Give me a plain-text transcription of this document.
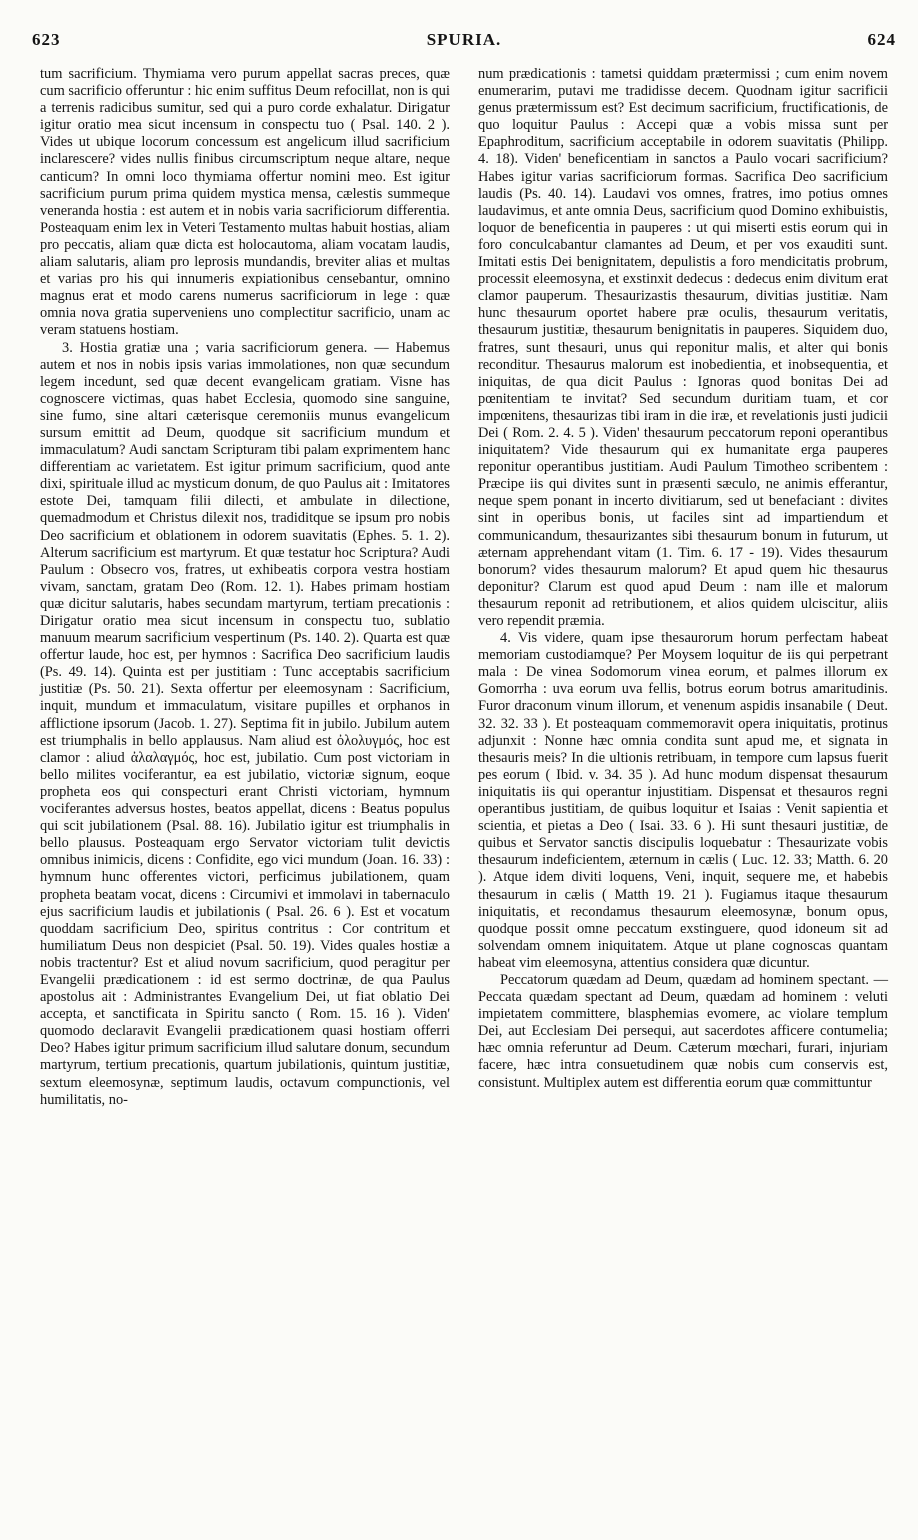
623	SPURIA.	624

tum sacrificium. Thymiama vero purum appellat sacras preces, quæ cum sacrificio offeruntur : hic enim suffitus Deum refocillat, non is qui a terrenis radicibus sumitur, sed qui a puro corde exhalatur. Dirigatur igitur oratio mea sicut incensum in conspectu tuo ( Psal. 140. 2 ). Vides ut ubique locorum concessum est angelicum illud sacrificium inclarescere? vides nullis finibus circumscriptum neque altare, neque canticum? In omni loco thymiama offertur nomini meo. Est igitur sacrificium purum prima quidem mystica mensa, cælestis summeque veneranda hostia : est autem et in nobis varia sacrificiorum differentia. Posteaquam enim lex in Veteri Testamento multas habuit hostias, aliam pro peccatis, aliam quæ dicta est holocautoma, aliam vocatam laudis, aliam salutaris, aliam pro leprosis mundandis, breviter alias et multas et varias pro his qui innumeris expiationibus censebantur, omnino magnus erat et modo carens numerus sacrificiorum in lege : quæ omnia nova gratia superveniens uno complectitur sacrificio, unam ac veram statuens hostiam.

3. Hostia gratiæ una ; varia sacrificiorum genera. — Habemus autem et nos in nobis ipsis varias immolationes, non quæ secundum legem incedunt, sed quæ decent evangelicam gratiam. Visne has cognoscere victimas, quas habet Ecclesia, quomodo sine sanguine, sine fumo, sine altari cæterisque ceremoniis munus evangelicum sursum emittit ad Deum, quodque sit sacrificium mundum et immaculatum? Audi sanctam Scripturam tibi palam exprimentem hanc differentiam ac varietatem. Est igitur primum sacrificium, quod ante dixi, spirituale illud ac mysticum donum, de quo Paulus ait : Imitatores estote Dei, tamquam filii dilecti, et ambulate in dilectione, quemadmodum et Christus dilexit nos, tradiditque se ipsum pro nobis Deo sacrificium et oblationem in odorem suavitatis (Ephes. 5. 1. 2). Alterum sacrificium est martyrum. Et quæ testatur hoc Scriptura? Audi Paulum : Obsecro vos, fratres, ut exhibeatis corpora vestra hostiam vivam, sanctam, gratam Deo (Rom. 12. 1). Habes primam hostiam quæ dicitur salutaris, habes secundam martyrum, tertiam precationis : Dirigatur oratio mea sicut incensum in conspectu tuo, sublatio manuum mearum sacrificium vespertinum (Ps. 140. 2). Quarta est quæ offertur laude, hoc est, per hymnos : Sacrifica Deo sacrificium laudis (Ps. 49. 14). Quinta est per justitiam : Tunc acceptabis sacrificium justitiæ (Ps. 50. 21). Sexta offertur per eleemosynam : Sacrificium, inquit, mundum et immaculatum, visitare pupilles et orphanos in afflictione ipsorum (Jacob. 1. 27). Septima fit in jubilo. Jubilum autem est triumphalis in bello applausus. Nam aliud est ὀλολυγμός, hoc est clamor : aliud ἀλαλαγμός, hoc est, jubilatio. Cum post victoriam in bello milites vociferantur, ea est jubilatio, victoriæ signum, eoque propheta eos qui conspecturi erant Christi victoriam, hymnum vociferantes adversus hostes, beatos appellat, dicens : Beatus populus qui scit jubilationem (Psal. 88. 16). Jubilatio igitur est triumphalis in bello plausus. Posteaquam ergo Servator victoriam tulit devictis omnibus inimicis, dicens : Confidite, ego vici mundum (Joan. 16. 33) : hymnum hunc offerentes victori, perficimus jubilationem, quam propheta beatam vocat, dicens : Circumivi et immolavi in tabernaculo ejus sacrificium laudis et jubilationis ( Psal. 26. 6 ). Est et vocatum quoddam sacrificium Deo, spiritus contritus : Cor contritum et humiliatum Deus non despiciet (Psal. 50. 19). Vides quales hostiæ a nobis tractentur? Est et aliud novum sacrificium, quod peragitur per Evangelii prædicationem : id est sermo doctrinæ, de qua Paulus apostolus ait : Administrantes Evangelium Dei, ut fiat oblatio Dei accepta, et sanctificata in Spiritu sancto ( Rom. 15. 16 ). Viden' quomodo declaravit Evangelii prædicationem quasi hostiam offerri Deo? Habes igitur primum sacrificium illud salutare donum, secundum martyrum, tertium precationis, quartum jubilationis, quintum justitiæ, sextum eleemosynæ, septimum laudis, octavum compunctionis, vel humilitatis, no-

num prædicationis : tametsi quiddam prætermissi ; cum enim novem enumerarim, putavi me tradidisse decem. Quodnam igitur sacrificii genus prætermissum est? Est decimum sacrificium, fructificationis, de quo loquitur Paulus : Accepi quæ a vobis missa sunt per Epaphroditum, sacrificium acceptabile in odorem suavitatis (Philipp. 4. 18). Viden' beneficentiam in sanctos a Paulo vocari sacrificium? Habes igitur varias sacrificiorum formas. Sacrifica Deo sacrificium laudis (Ps. 40. 14). Laudavi vos omnes, fratres, imo potius omnes laudavimus, et ante omnia Deus, sacrificium quod Domino exhibuistis, loquor de beneficentia in pauperes : ut qui miserti estis eorum qui in foro conculcabantur clamantes ad Deum, et per vos exauditi sunt. Imitati estis Dei benignitatem, depulistis a foro mendicitatis probrum, processit eleemosyna, et exstinxit dedecus : dedecus enim divitum erat clamor pauperum. Thesaurizastis thesaurum, divitias justitiæ. Nam hunc thesaurum oportet habere præ oculis, thesaurum veritatis, thesaurum justitiæ, thesaurum benignitatis in pauperes. Siquidem duo, fratres, sunt thesauri, unus qui reponitur malis, et alter qui bonis reconditur. Thesaurus malorum est inobedientia, et inobsequentia, et iniquitas, de qua dicit Paulus : Ignoras quod bonitas Dei ad pœnitentiam te invitat? Sed secundum duritiam tuam, et cor impœnitens, thesaurizas tibi iram in die iræ, et revelationis justi judicii Dei ( Rom. 2. 4. 5 ). Viden' thesaurum peccatorum reponi operantibus iniquitatem? Vide thesaurum qui ex humanitate erga pauperes reponitur operantibus justitiam. Audi Paulum Timotheo scribentem : Præcipe iis qui divites sunt in præsenti sæculo, ne animis efferantur, neque spem ponant in incerto divitiarum, sed ut benefaciant : divites sint in operibus bonis, ut faciles sint ad impartiendum et communicandum, thesaurizantes sibi thesaurum bonum in futurum, ut æternam apprehendant vitam (1. Tim. 6. 17 - 19). Vides thesaurum bonorum? vides thesaurum malorum? Et apud quem hic thesaurus deponitur? Clarum est quod apud Deum : nam ille et malorum thesaurum reponit ad retributionem, et alios quidem ulciscitur, aliis vero rependit præmia.

4. Vis videre, quam ipse thesaurorum horum perfectam habeat memoriam custodiamque? Per Moysem loquitur de iis qui perpetrant mala : De vinea Sodomorum vinea eorum, et palmes illorum ex Gomorrha : uva eorum uva fellis, botrus eorum botrus amaritudinis. Furor draconum vinum illorum, et venenum aspidis insanabile ( Deut. 32. 32. 33 ). Et posteaquam commemoravit opera iniquitatis, protinus adjunxit : Nonne hæc omnia condita sunt apud me, et signata in thesauris meis? In die ultionis retribuam, in tempore cum lapsus fuerit pes eorum ( Ibid. v. 34. 35 ). Ad hunc modum dispensat thesaurum iniquitatis iis qui operantur injustitiam. Dispensat et thesauros regni operantibus justitiam, de quibus loquitur et Isaias : Venit sapientia et scientia, et pietas a Deo ( Isai. 33. 6 ). Hi sunt thesauri justitiæ, de quibus et Servator sanctis discipulis loquebatur : Thesaurizate vobis thesaurum indeficientem, æternum in cælis ( Luc. 12. 33; Matth. 6. 20 ). Atque idem diviti loquens, Veni, inquit, sequere me, et habebis thesaurum in cælis ( Matth 19. 21 ). Fugiamus itaque thesaurum iniquitatis, et recondamus thesaurum eleemosynæ, bonum opus, quodque possit omne peccatum exstinguere, quod idoneum sit ad solvendam omnem iniquitatem. Atque ut plane cognoscas quantam habeat vim eleemosyna, attentius considera quæ dicuntur.

Peccatorum quædam ad Deum, quædam ad hominem spectant. — Peccata quædam spectant ad Deum, quædam ad hominem : veluti impietatem committere, blasphemias evomere, ac violare templum Dei, aut Ecclesiam Dei persequi, aut sacerdotes afficere contumelia; hæc omnia referuntur ad Deum. Cæterum mœchari, furari, injuriam facere, hæc intra consuetudinem quæ nobis cum conservis est, consistunt. Multiplex autem est differentia eorum quæ committuntur
